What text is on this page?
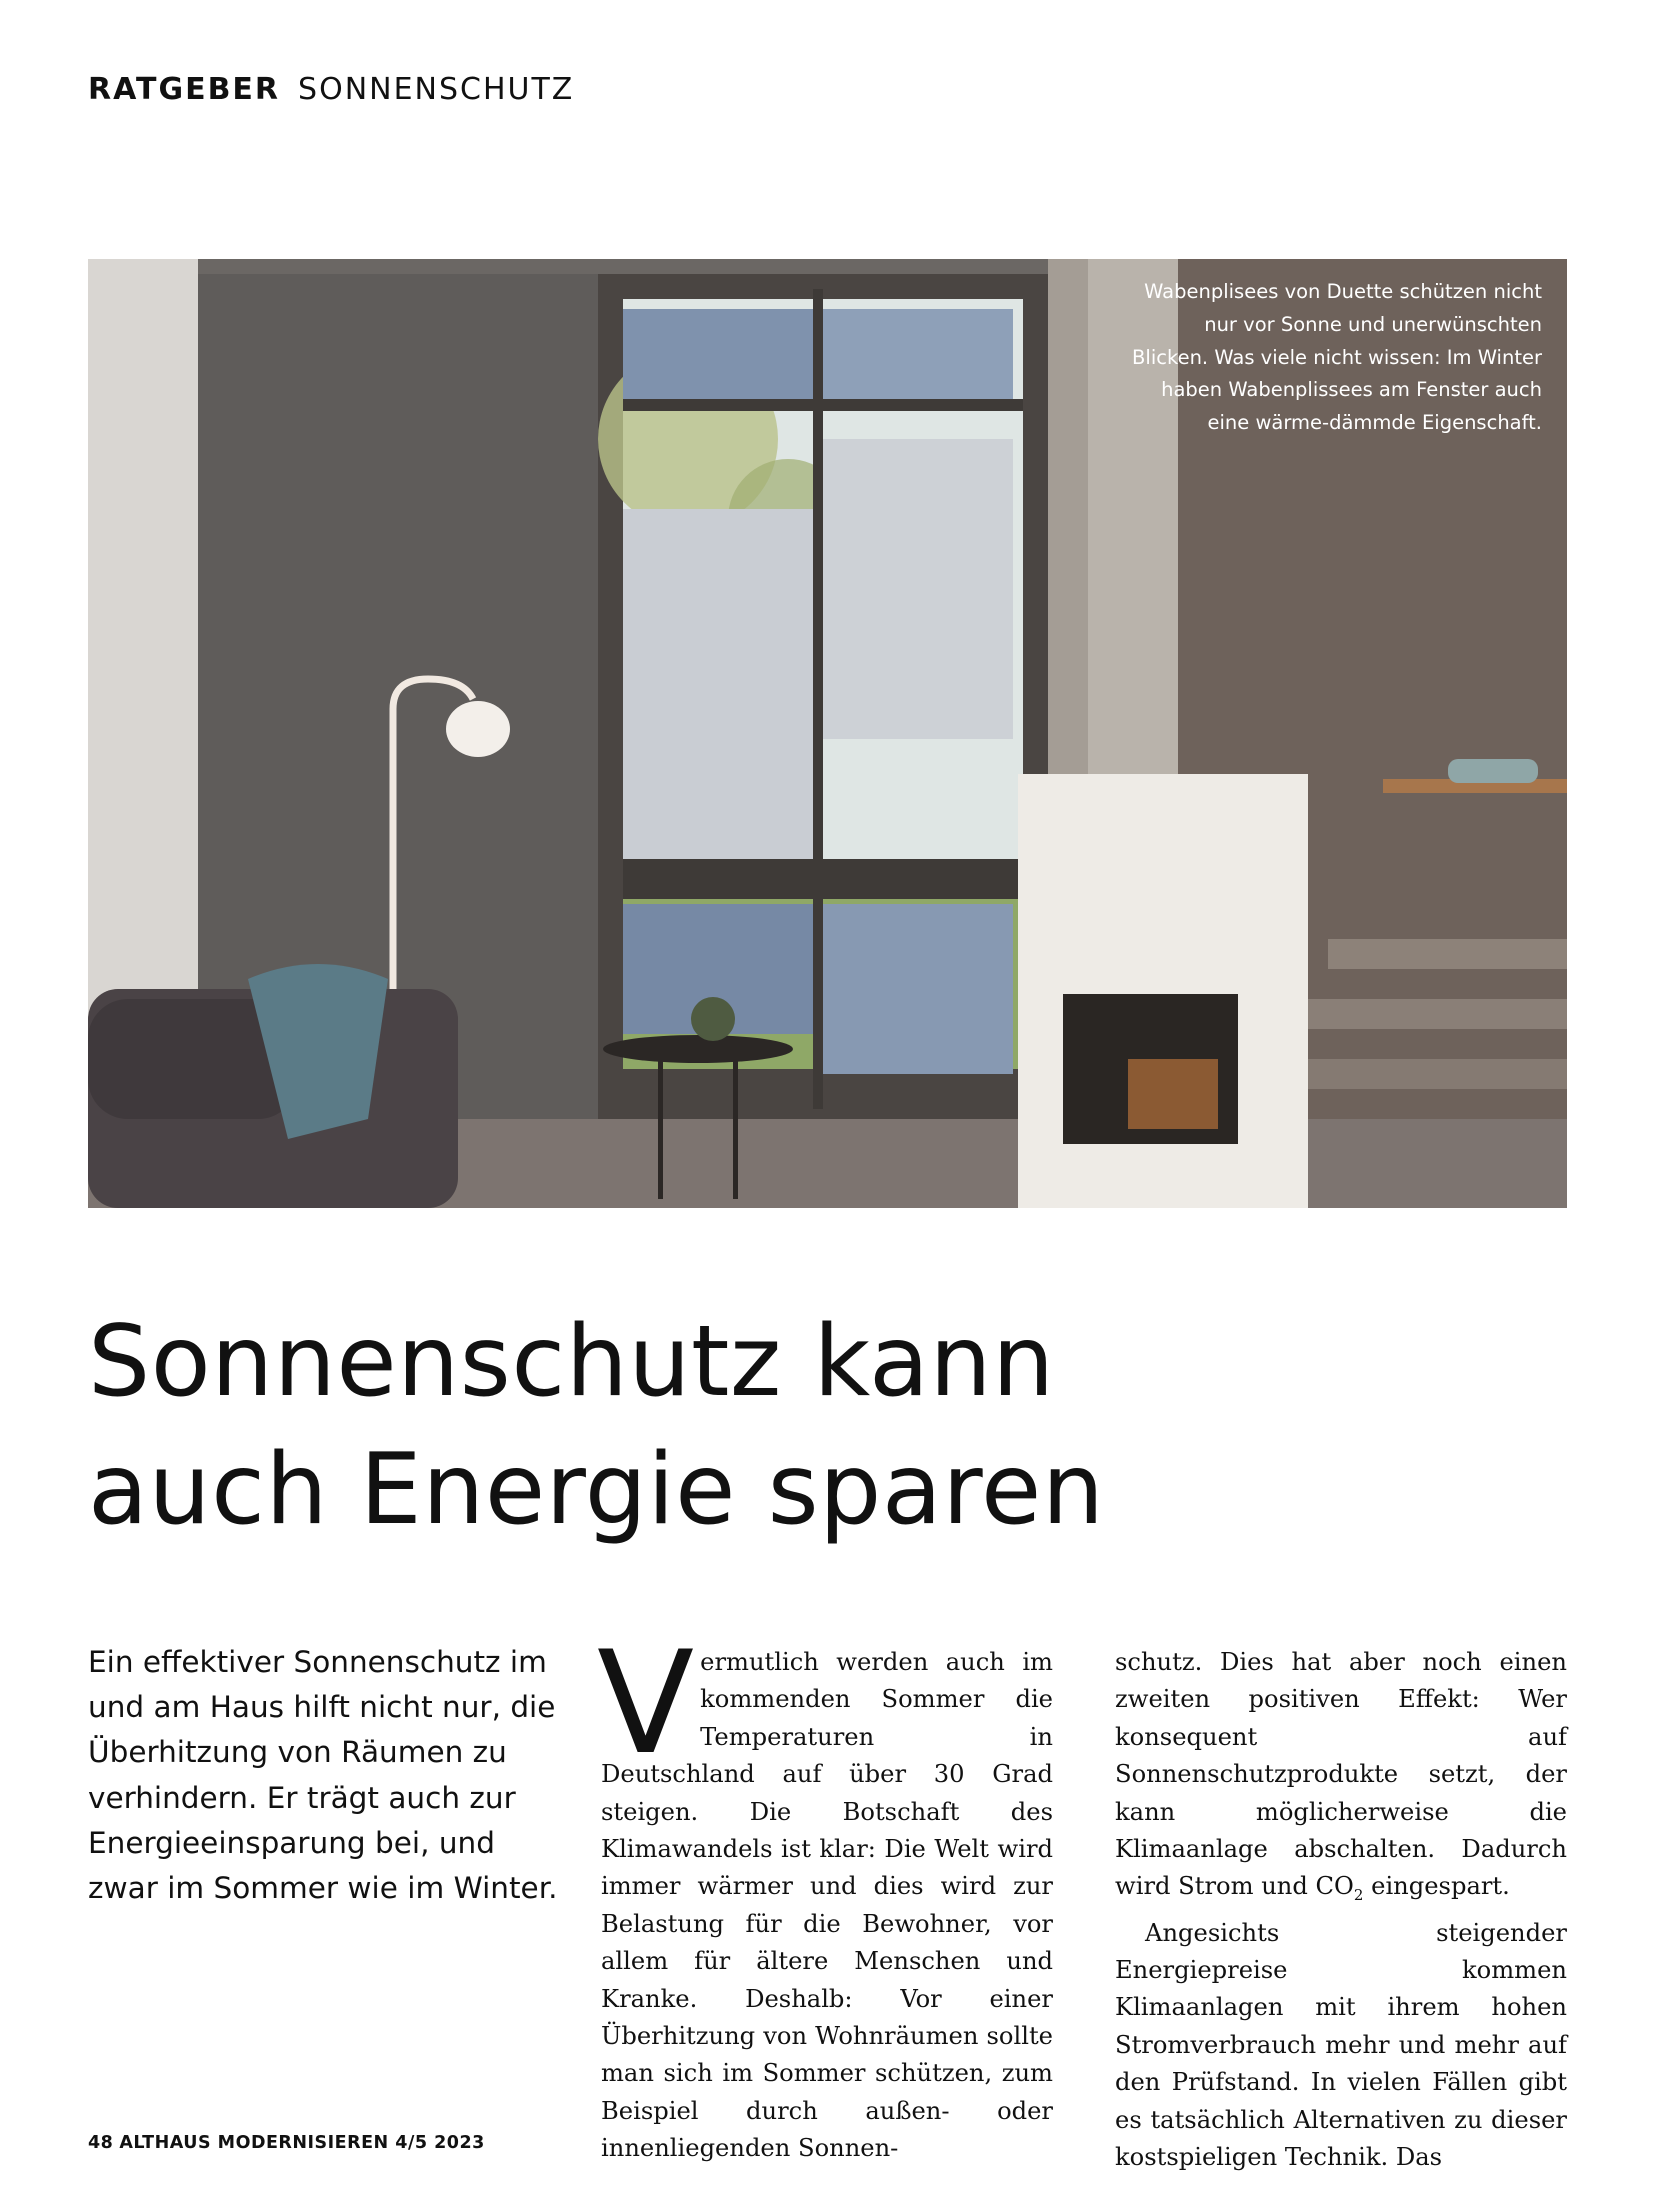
RATGEBER SONNENSCHUTZ
Wabenplisees von Duette schützen nicht nur vor Sonne und unerwünschten Blicken. Was viele nicht wissen: Im Winter haben Wabenplissees am Fenster auch eine wärme-dämmde Eigenschaft.
Sonnenschutz kann
auch Energie sparen
Ein effektiver Sonnenschutz im und am Haus hilft nicht nur, die Überhitzung von Räumen zu verhindern. Er trägt auch zur Energieeinsparung bei, und zwar im Sommer wie im Winter.

Vermutlich werden auch im kommenden Sommer die Temperaturen in Deutschland auf über 30 Grad steigen. Die Botschaft des Klimawandels ist klar: Die Welt wird immer wärmer und dies wird zur Belastung für die Bewohner, vor allem für ältere Menschen und Kranke. Deshalb: Vor einer Überhitzung von Wohnräumen sollte man sich im Sommer schützen, zum Beispiel durch außen- oder innenliegenden Sonnen-

schutz. Dies hat aber noch einen zweiten positiven Effekt: Wer konsequent auf Sonnenschutzprodukte setzt, der kann möglicherweise die Klimaanlage abschalten. Dadurch wird Strom und $CO_2$ eingespart.

Angesichts steigender Energiepreise kommen Klimaanlagen mit ihrem hohen Stromverbrauch mehr und mehr auf den Prüfstand. In vielen Fällen gibt es tatsächlich Alternativen zu dieser kostspieligen Technik. Das

48 ALTHAUS MODERNISIEREN 4/5 2023
